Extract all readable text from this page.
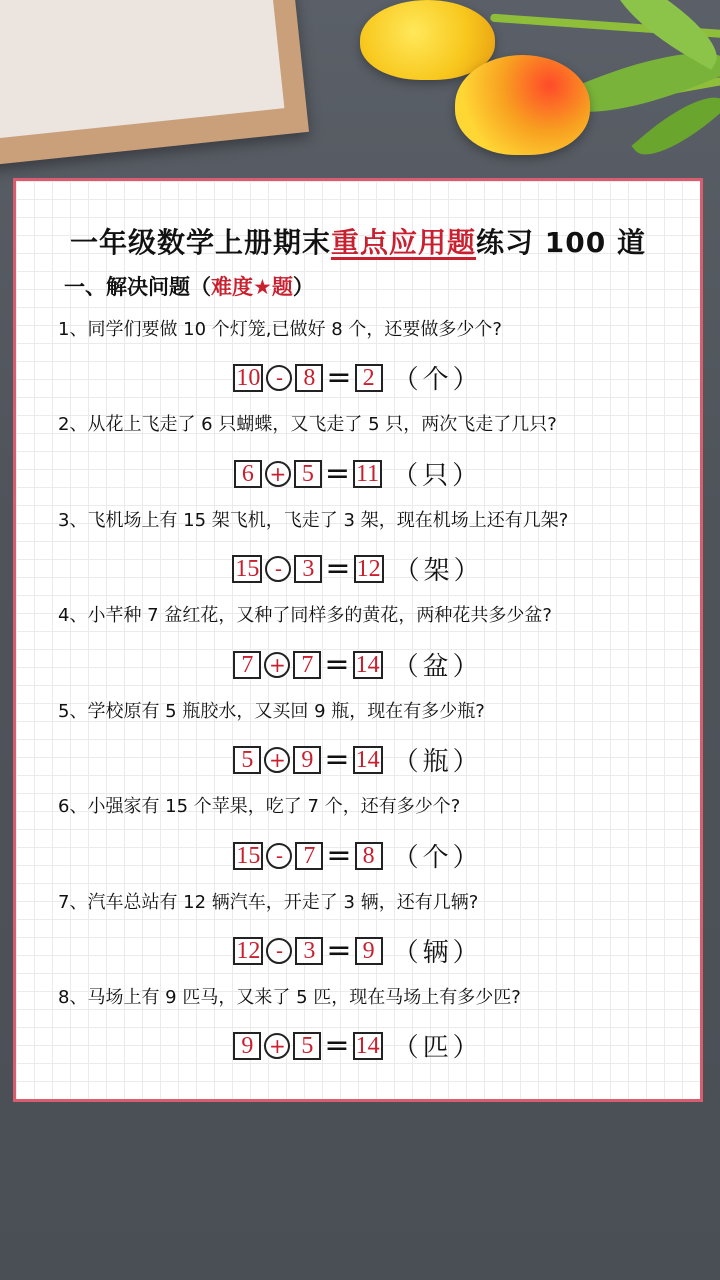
一年级数学上册期末重点应用题练习 100 道
一、解决问题（难度★题）
1、同学们要做 10 个灯笼,已做好 8 个，还要做多少个?
10 - 8 = 2 （个）
2、从花上飞走了 6 只蝴蝶，又飞走了 5 只，两次飞走了几只?
6 + 5 = 11 （只）
3、飞机场上有 15 架飞机，飞走了 3 架，现在机场上还有几架?
15 - 3 = 12 （架）
4、小芊种 7 盆红花，又种了同样多的黄花，两种花共多少盆?
7 + 7 = 14 （盆）
5、学校原有 5 瓶胶水，又买回 9 瓶，现在有多少瓶?
5 + 9 = 14 （瓶）
6、小强家有 15 个苹果，吃了 7 个，还有多少个?
15 - 7 = 8 （个）
7、汽车总站有 12 辆汽车，开走了 3 辆，还有几辆?
12 - 3 = 9 （辆）
8、马场上有 9 匹马，又来了 5 匹，现在马场上有多少匹?
9 + 5 = 14 （匹）
